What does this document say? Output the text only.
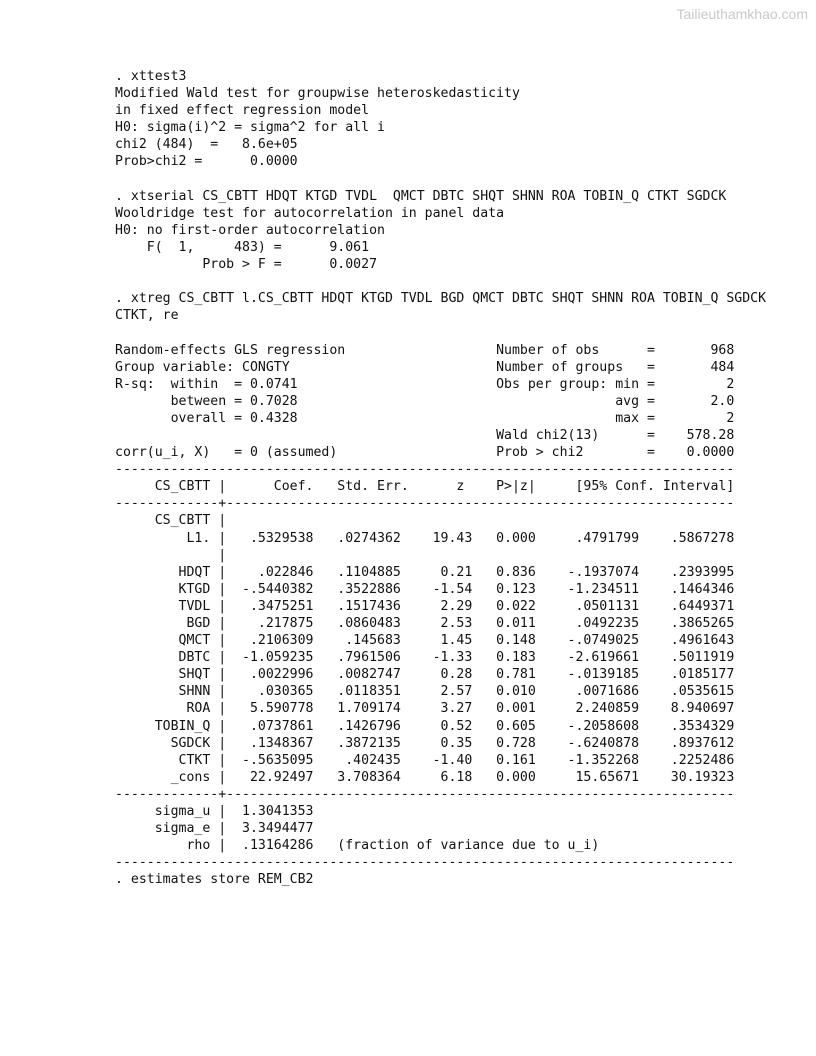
Tailieuthamkhao.com
. xttest3
Modified Wald test for groupwise heteroskedasticity
in fixed effect regression model
H0: sigma(i)^2 = sigma^2 for all i
chi2 (484)  =   8.6e+05
Prob>chi2 =      0.0000
. xtserial CS_CBTT HDQT KTGD TVDL  QMCT DBTC SHQT SHNN ROA TOBIN_Q CTKT SGDCK
Wooldridge test for autocorrelation in panel data
H0: no first-order autocorrelation
F(  1,     483) =      9.061
Prob > F =      0.0027
. xtreg CS_CBTT l.CS_CBTT HDQT KTGD TVDL BGD QMCT DBTC SHQT SHNN ROA TOBIN_Q SGDCK
CTKT, re
Random-effects GLS regression                   Number of obs      =       968
Group variable: CONGTY                          Number of groups   =       484
R-sq:  within  = 0.0741                         Obs per group: min =         2
between = 0.7028                                        avg =       2.0
overall = 0.4328                                        max =         2
Wald chi2(13)      =    578.28
corr(u_i, X)   = 0 (assumed)                    Prob > chi2        =    0.0000
------------------------------------------------------------------------------
CS_CBTT |      Coef.   Std. Err.      z    P>|z|     [95% Conf. Interval]
-------------+----------------------------------------------------------------
CS_CBTT |
L1. |   .5329538   .0274362    19.43   0.000     .4791799    .5867278
|
HDQT |    .022846   .1104885     0.21   0.836    -.1937074    .2393995
KTGD |  -.5440382   .3522886    -1.54   0.123    -1.234511    .1464346
TVDL |   .3475251   .1517436     2.29   0.022     .0501131    .6449371
BGD |    .217875   .0860483     2.53   0.011     .0492235    .3865265
QMCT |   .2106309    .145683     1.45   0.148    -.0749025    .4961643
DBTC |  -1.059235   .7961506    -1.33   0.183    -2.619661    .5011919
SHQT |   .0022996   .0082747     0.28   0.781    -.0139185    .0185177
SHNN |    .030365   .0118351     2.57   0.010     .0071686    .0535615
ROA |   5.590778   1.709174     3.27   0.001     2.240859    8.940697
TOBIN_Q |   .0737861   .1426796     0.52   0.605    -.2058608    .3534329
SGDCK |   .1348367   .3872135     0.35   0.728    -.6240878    .8937612
CTKT |  -.5635095    .402435    -1.40   0.161    -1.352268    .2252486
_cons |   22.92497   3.708364     6.18   0.000     15.65671    30.19323
-------------+----------------------------------------------------------------
sigma_u |  1.3041353
sigma_e |  3.3494477
rho |  .13164286   (fraction of variance due to u_i)
------------------------------------------------------------------------------
. estimates store REM_CB2
